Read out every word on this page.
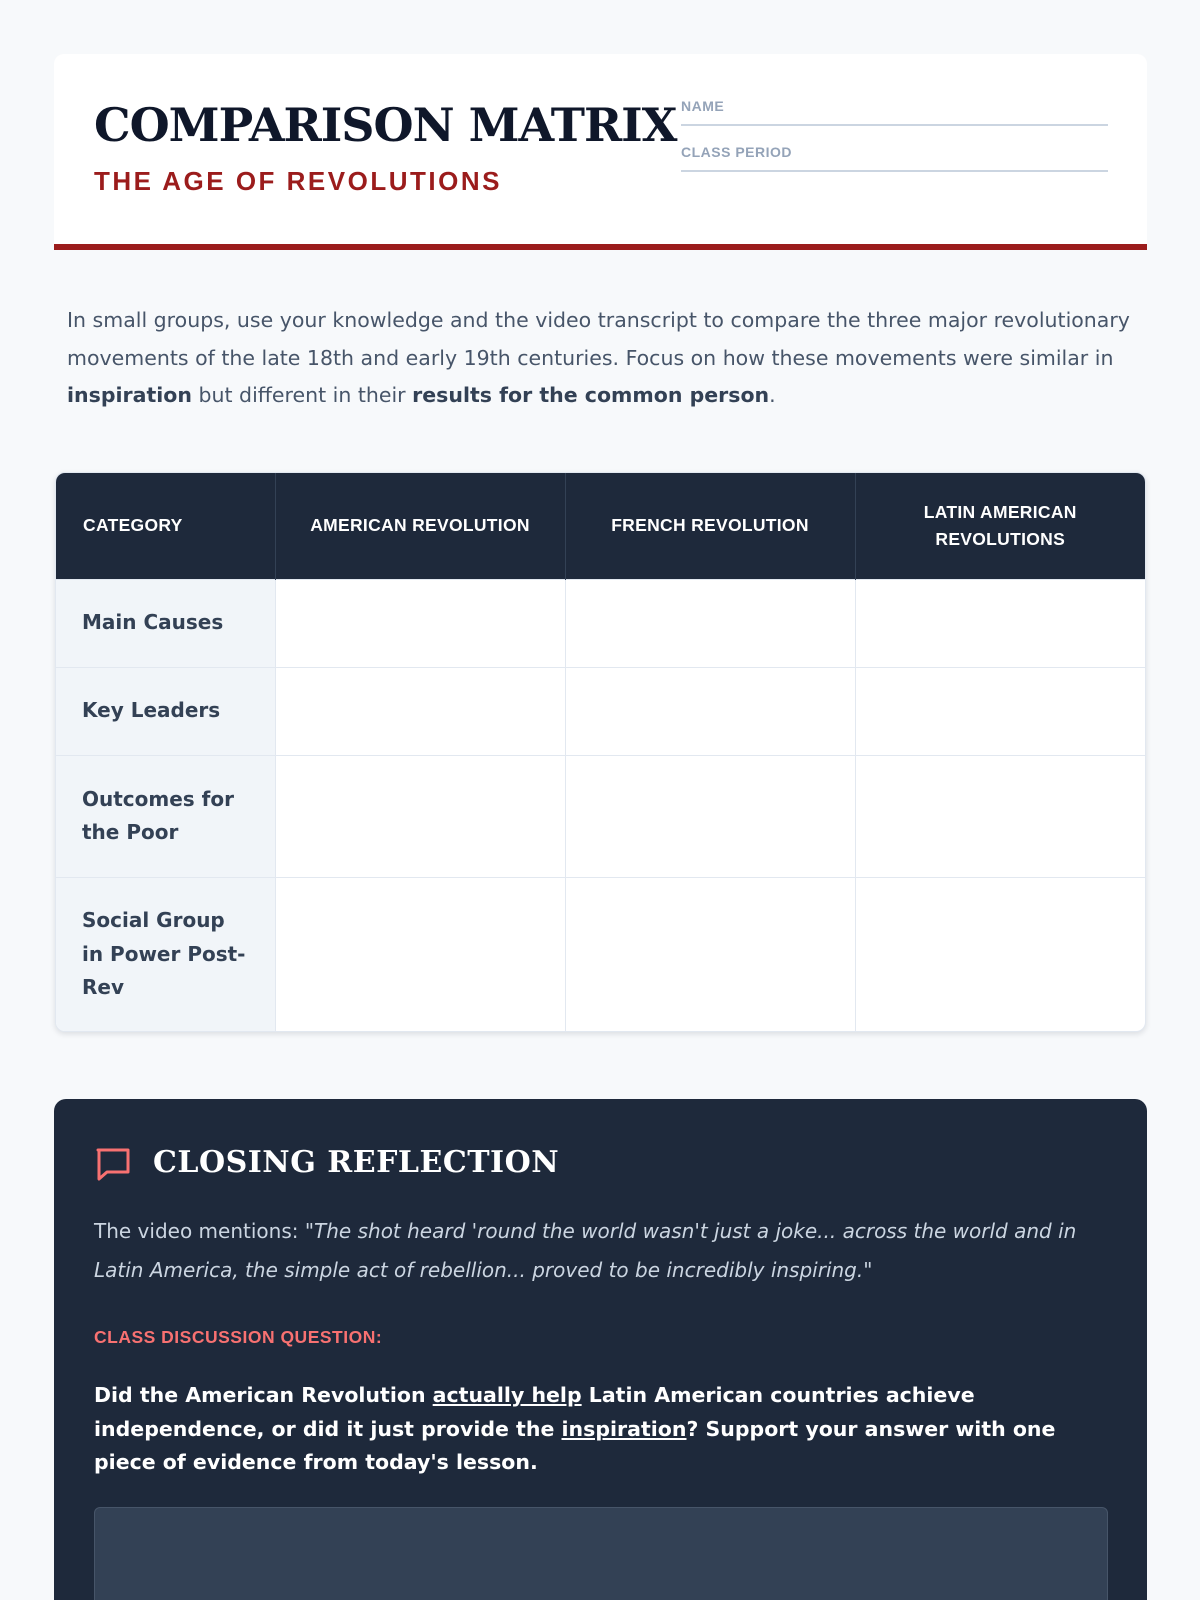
COMPARISON MATRIX
THE AGE OF REVOLUTIONS
NAME
CLASS PERIOD

In small groups, use your knowledge and the video transcript to compare the three major revolutionary movements of the late 18th and early 19th centuries. Focus on how these movements were similar in inspiration but different in their results for the common person.

CATEGORY	AMERICAN REVOLUTION	FRENCH REVOLUTION	LATIN AMERICAN REVOLUTIONS
Main Causes			
Key Leaders			
Outcomes for the Poor			
Social Group in Power Post-Rev			
CLOSING REFLECTION

The video mentions: "The shot heard 'round the world wasn't just a joke... across the world and in Latin America, the simple act of rebellion... proved to be incredibly inspiring."

CLASS DISCUSSION QUESTION:

Did the American Revolution actually help Latin American countries achieve independence, or did it just provide the inspiration? Support your answer with one piece of evidence from today's lesson.
